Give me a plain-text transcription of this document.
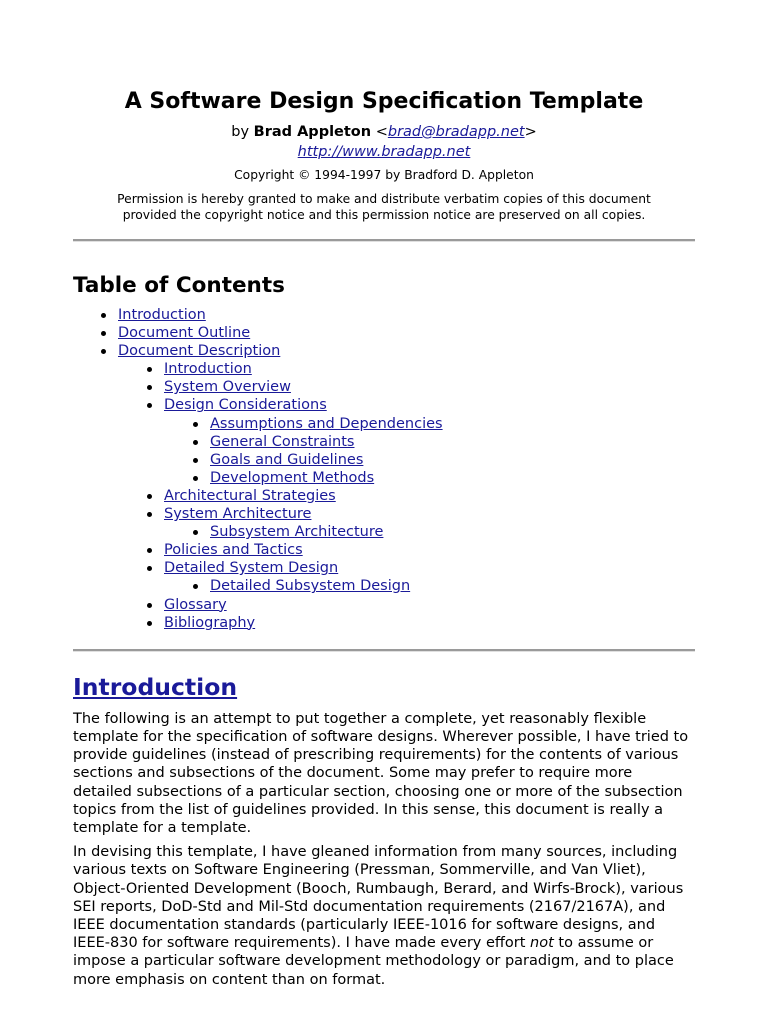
A Software Design Specification Template
by Brad Appleton <brad@bradapp.net>
http://www.bradapp.net
Copyright © 1994-1997 by Bradford D. Appleton
Permission is hereby granted to make and distribute verbatim copies of this document
provided the copyright notice and this permission notice are preserved on all copies.
Table of Contents
Introduction
Document Outline
Document Description
Introduction
System Overview
Design Considerations
Assumptions and Dependencies
General Constraints
Goals and Guidelines
Development Methods
Architectural Strategies
System Architecture
Subsystem Architecture
Policies and Tactics
Detailed System Design
Detailed Subsystem Design
Glossary
Bibliography
Introduction

The following is an attempt to put together a complete, yet reasonably flexible template for the specification of software designs. Wherever possible, I have tried to provide guidelines (instead of prescribing requirements) for the contents of various sections and subsections of the document. Some may prefer to require more detailed subsections of a particular section, choosing one or more of the subsection topics from the list of guidelines provided. In this sense, this document is really a template for a template.

In devising this template, I have gleaned information from many sources, including various texts on Software Engineering (Pressman, Sommerville, and Van Vliet), Object-Oriented Development (Booch, Rumbaugh, Berard, and Wirfs-Brock), various SEI reports, DoD-Std and Mil-Std documentation requirements (2167/2167A), and IEEE documentation standards (particularly IEEE-1016 for software designs, and IEEE-830 for software requirements). I have made every effort not to assume or impose a particular software development methodology or paradigm, and to place more emphasis on content than on format.
